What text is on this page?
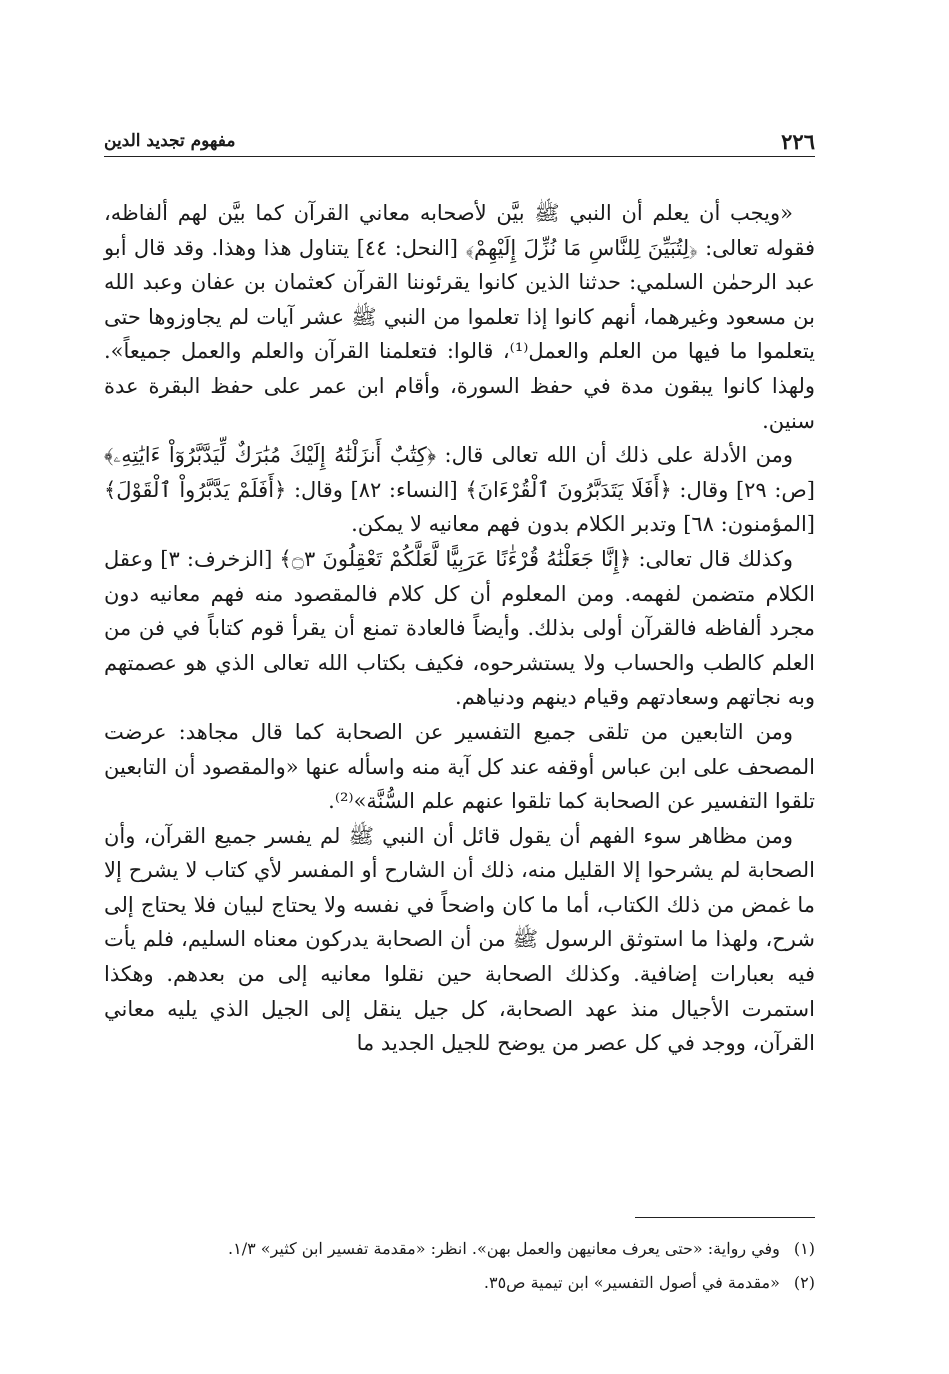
٢٢٦
مفهوم تجديد الدين

«ويجب أن يعلم أن النبي ﷺ بيَّن لأصحابه معاني القرآن كما بيَّن لهم ألفاظه، فقوله تعالى: ﴿لِتُبَيِّنَ لِلنَّاسِ مَا نُزِّلَ إِلَيْهِمْ﴾ [النحل: ٤٤] يتناول هذا وهذا. وقد قال أبو عبد الرحمٰن السلمي: حدثنا الذين كانوا يقرئوننا القرآن كعثمان بن عفان وعبد الله بن مسعود وغيرهما، أنهم كانوا إذا تعلموا من النبي ﷺ عشر آيات لم يجاوزوها حتى يتعلموا ما فيها من العلم والعمل⁽¹⁾، قالوا: فتعلمنا القرآن والعلم والعمل جميعاً». ولهذا كانوا يبقون مدة في حفظ السورة، وأقام ابن عمر على حفظ البقرة عدة سنين.

ومن الأدلة على ذلك أن الله تعالى قال: ﴿كِتَٰبٌ أَنزَلْنَٰهُ إِلَيْكَ مُبَٰرَكٌ لِّيَدَّبَّرُوٓاْ ءَايَٰتِهِۦ﴾ [ص: ٢٩] وقال: ﴿أَفَلَا يَتَدَبَّرُونَ ٱلْقُرْءَانَ﴾ [النساء: ٨٢] وقال: ﴿أَفَلَمْ يَدَّبَّرُواْ ٱلْقَوْلَ﴾ [المؤمنون: ٦٨] وتدبر الكلام بدون فهم معانيه لا يمكن.

وكذلك قال تعالى: ﴿إِنَّا جَعَلْنَٰهُ قُرْءَٰنًا عَرَبِيًّا لَّعَلَّكُمْ تَعْقِلُونَ ۝٣﴾ [الزخرف: ٣] وعقل الكلام متضمن لفهمه. ومن المعلوم أن كل كلام فالمقصود منه فهم معانيه دون مجرد ألفاظه فالقرآن أولى بذلك. وأيضاً فالعادة تمنع أن يقرأ قوم كتاباً في فن من العلم كالطب والحساب ولا يستشرحوه، فكيف بكتاب الله تعالى الذي هو عصمتهم وبه نجاتهم وسعادتهم وقيام دينهم ودنياهم.

ومن التابعين من تلقى جميع التفسير عن الصحابة كما قال مجاهد: عرضت المصحف على ابن عباس أوقفه عند كل آية منه واسأله عنها «والمقصود أن التابعين تلقوا التفسير عن الصحابة كما تلقوا عنهم علم السُّنَّة»⁽²⁾.

ومن مظاهر سوء الفهم أن يقول قائل أن النبي ﷺ لم يفسر جميع القرآن، وأن الصحابة لم يشرحوا إلا القليل منه، ذلك أن الشارح أو المفسر لأي كتاب لا يشرح إلا ما غمض من ذلك الكتاب، أما ما كان واضحاً في نفسه ولا يحتاج لبيان فلا يحتاج إلى شرح، ولهذا ما استوثق الرسول ﷺ من أن الصحابة يدركون معناه السليم، فلم يأت فيه بعبارات إضافية. وكذلك الصحابة حين نقلوا معانيه إلى من بعدهم. وهكذا استمرت الأجيال منذ عهد الصحابة، كل جيل ينقل إلى الجيل الذي يليه معاني القرآن، ووجد في كل عصر من يوضح للجيل الجديد ما

(١)
وفي رواية: «حتى يعرف معانيهن والعمل بهن». انظر: «مقدمة تفسير ابن كثير» ١/٣.
(٢)
«مقدمة في أصول التفسير» ابن تيمية ص٣٥.
